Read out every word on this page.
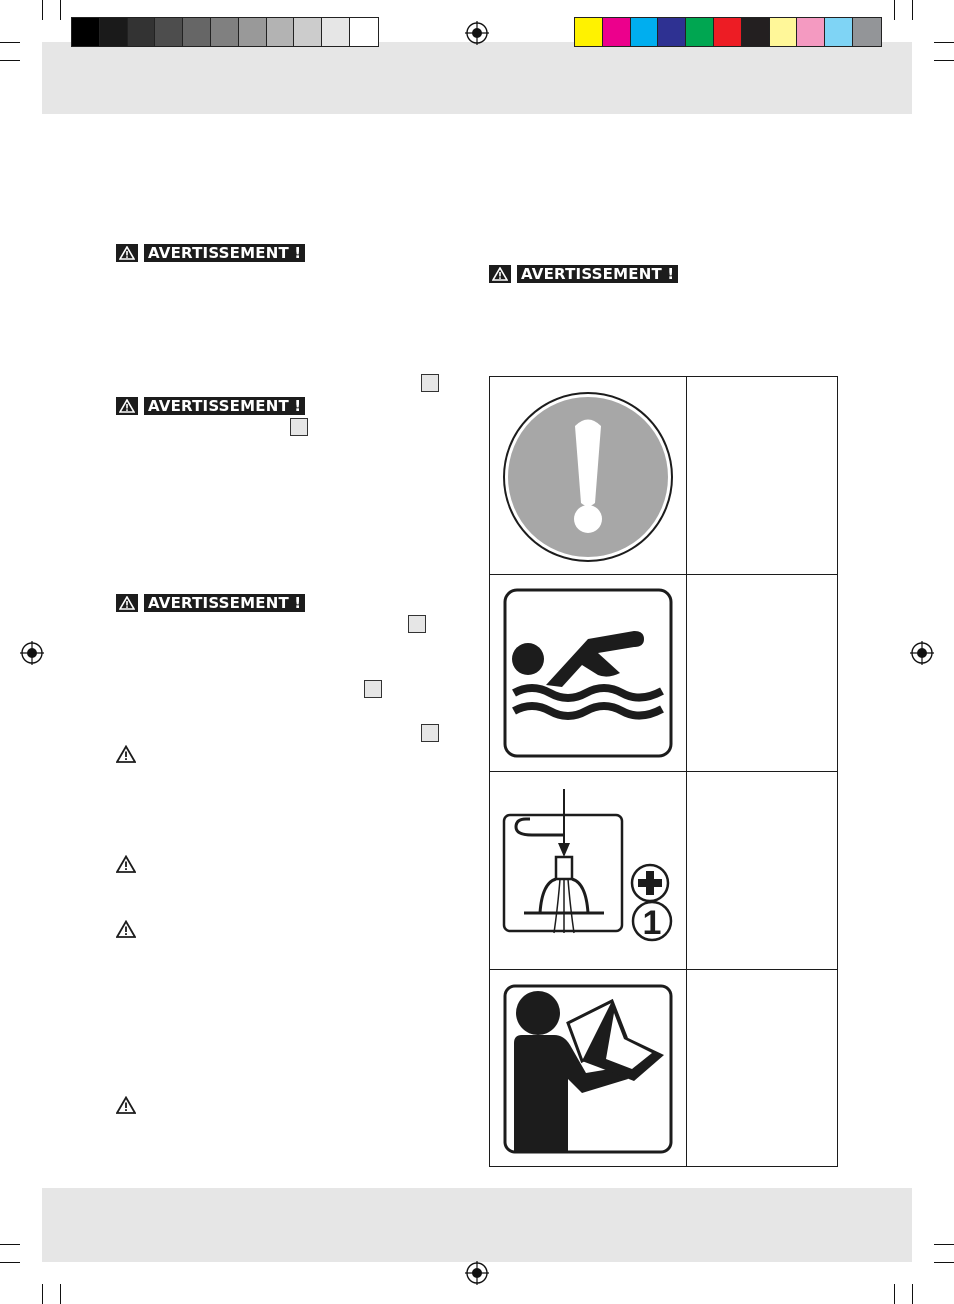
AVERTISSEMENT !
AVERTISSEMENT !
AVERTISSEMENT !
AVERTISSEMENT !
1
